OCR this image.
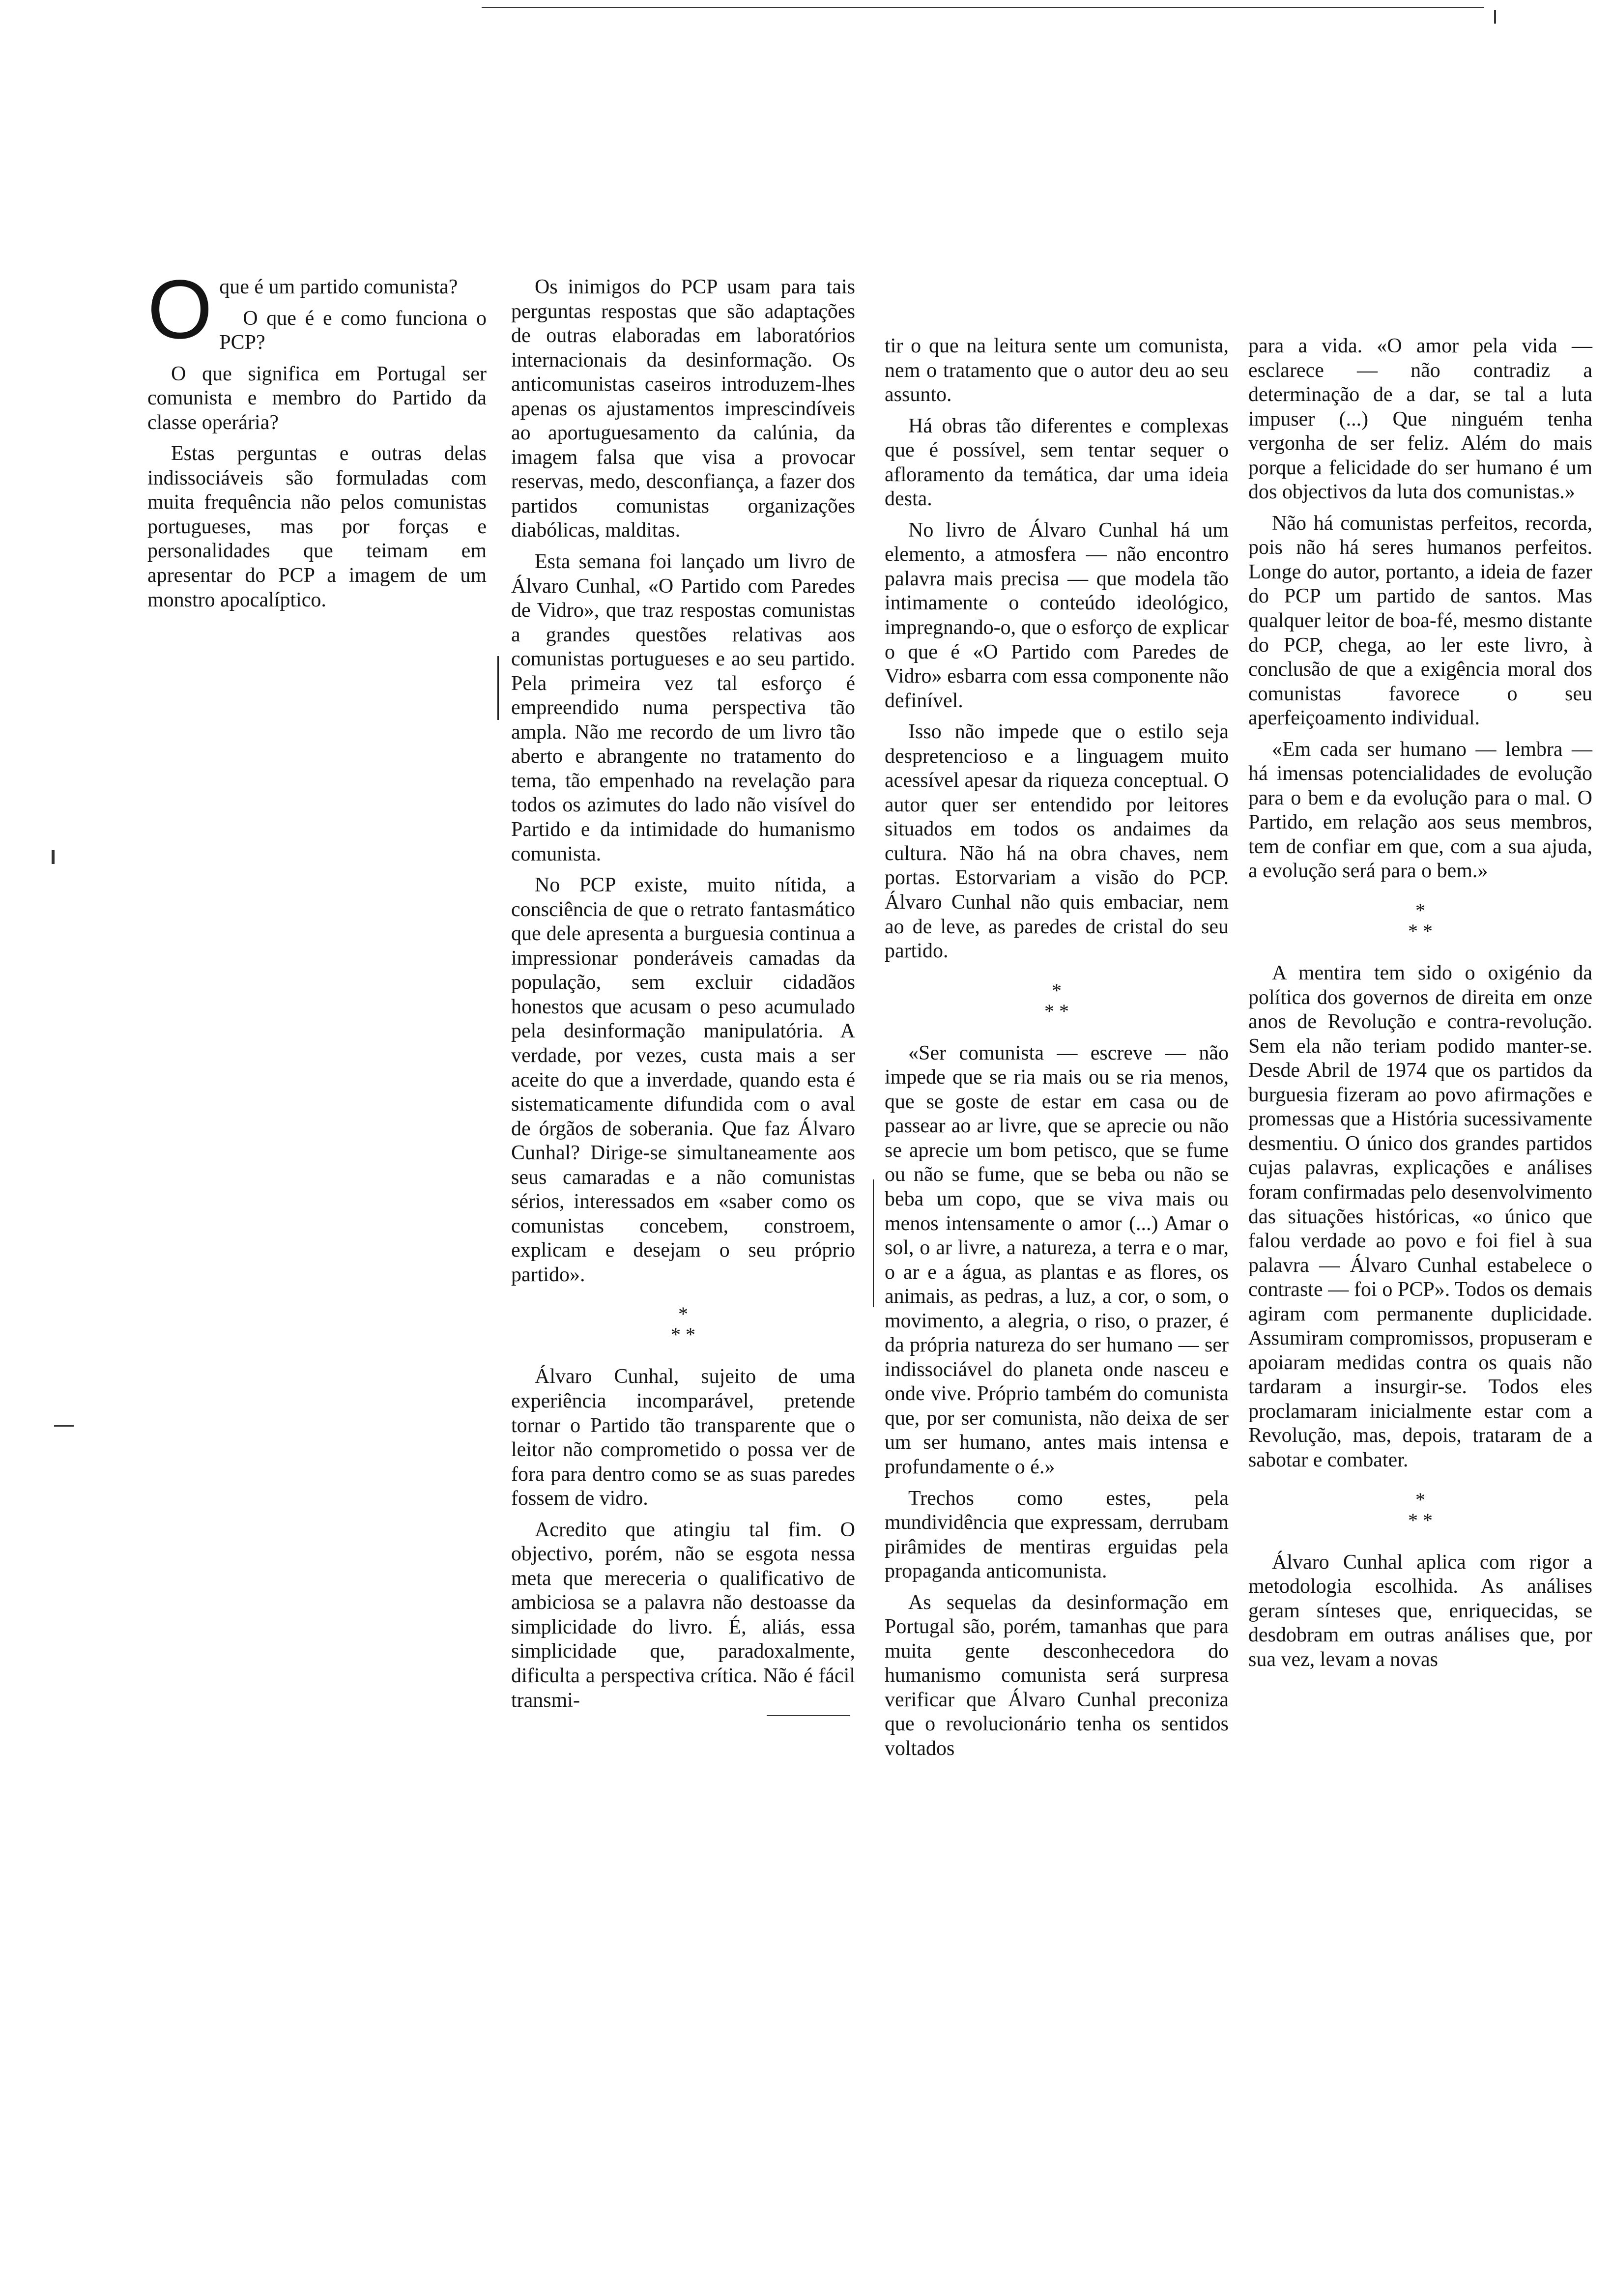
Oque é um partido comunista?

O que é e como funciona o PCP?

O que significa em Portugal ser comunista e membro do Partido da classe operária?

Estas perguntas e outras delas indissociáveis são formuladas com muita frequência não pelos comunistas portugueses, mas por forças e personalidades que teimam em apresentar do PCP a imagem de um monstro apocalíptico.

Os inimigos do PCP usam para tais perguntas respostas que são adaptações de outras elaboradas em laboratórios internacionais da desinformação. Os anticomunistas caseiros introduzem-lhes apenas os ajustamentos imprescindíveis ao aportuguesamento da calúnia, da imagem falsa que visa a provocar reservas, medo, desconfiança, a fazer dos partidos comunistas organizações diabólicas, malditas.

Esta semana foi lançado um livro de Álvaro Cunhal, «O Partido com Paredes de Vidro», que traz respostas comunistas a grandes questões relativas aos comunistas portugueses e ao seu partido. Pela primeira vez tal esforço é empreendido numa perspectiva tão ampla. Não me recordo de um livro tão aberto e abrangente no tratamento do tema, tão empenhado na revelação para todos os azimutes do lado não visível do Partido e da intimidade do humanismo comunista.

No PCP existe, muito nítida, a consciência de que o retrato fantasmático que dele apresenta a burguesia continua a impressionar ponderáveis camadas da população, sem excluir cidadãos honestos que acusam o peso acumulado pela desinformação manipulatória. A verdade, por vezes, custa mais a ser aceite do que a inverdade, quando esta é sistematicamente difundida com o aval de órgãos de soberania. Que faz Álvaro Cunhal? Dirige-se simultaneamente aos seus camaradas e a não comunistas sérios, interessados em «saber como os comunistas concebem, constroem, explicam e desejam o seu próprio partido».

*
* *

Álvaro Cunhal, sujeito de uma experiência incomparável, pretende tornar o Partido tão transparente que o leitor não comprometido o possa ver de fora para dentro como se as suas paredes fossem de vidro.

Acredito que atingiu tal fim. O objectivo, porém, não se esgota nessa meta que mereceria o qualificativo de ambiciosa se a palavra não destoasse da simplicidade do livro. É, aliás, essa simplicidade que, paradoxalmente, dificulta a perspectiva crítica. Não é fácil transmi-

tir o que na leitura sente um comunista, nem o tratamento que o autor deu ao seu assunto.

Há obras tão diferentes e complexas que é possível, sem tentar sequer o afloramento da temática, dar uma ideia desta.

No livro de Álvaro Cunhal há um elemento, a atmosfera — não encontro palavra mais precisa — que modela tão intimamente o conteúdo ideológico, impregnando-o, que o esforço de explicar o que é «O Partido com Paredes de Vidro» esbarra com essa componente não definível.

Isso não impede que o estilo seja despretencioso e a linguagem muito acessível apesar da riqueza conceptual. O autor quer ser entendido por leitores situados em todos os andaimes da cultura. Não há na obra chaves, nem portas. Estorvariam a visão do PCP. Álvaro Cunhal não quis embaciar, nem ao de leve, as paredes de cristal do seu partido.

*
* *

«Ser comunista — escreve — não impede que se ria mais ou se ria menos, que se goste de estar em casa ou de passear ao ar livre, que se aprecie ou não se aprecie um bom petisco, que se fume ou não se fume, que se beba ou não se beba um copo, que se viva mais ou menos intensamente o amor (...) Amar o sol, o ar livre, a natureza, a terra e o mar, o ar e a água, as plantas e as flores, os animais, as pedras, a luz, a cor, o som, o movimento, a alegria, o riso, o prazer, é da própria natureza do ser humano — ser indissociável do planeta onde nasceu e onde vive. Próprio também do comunista que, por ser comunista, não deixa de ser um ser humano, antes mais intensa e profundamente o é.»

Trechos como estes, pela mundividência que expressam, derrubam pirâmides de mentiras erguidas pela propaganda anticomunista.

As sequelas da desinformação em Portugal são, porém, tamanhas que para muita gente desconhecedora do humanismo comunista será surpresa verificar que Álvaro Cunhal preconiza que o revolucionário tenha os sentidos voltados

para a vida. «O amor pela vida — esclarece — não contradiz a determinação de a dar, se tal a luta impuser (...) Que ninguém tenha vergonha de ser feliz. Além do mais porque a felicidade do ser humano é um dos objectivos da luta dos comunistas.»

Não há comunistas perfeitos, recorda, pois não há seres humanos perfeitos. Longe do autor, portanto, a ideia de fazer do PCP um partido de santos. Mas qualquer leitor de boa-fé, mesmo distante do PCP, chega, ao ler este livro, à conclusão de que a exigência moral dos comunistas favorece o seu aperfeiçoamento individual.

«Em cada ser humano — lembra — há imensas potencialidades de evolução para o bem e da evolução para o mal. O Partido, em relação aos seus membros, tem de confiar em que, com a sua ajuda, a evolução será para o bem.»

*
* *

A mentira tem sido o oxigénio da política dos governos de direita em onze anos de Revolução e contra-revolução. Sem ela não teriam podido manter-se. Desde Abril de 1974 que os partidos da burguesia fizeram ao povo afirmações e promessas que a História sucessivamente desmentiu. O único dos grandes partidos cujas palavras, explicações e análises foram confirmadas pelo desenvolvimento das situações históricas, «o único que falou verdade ao povo e foi fiel à sua palavra — Álvaro Cunhal estabelece o contraste — foi o PCP». Todos os demais agiram com permanente duplicidade. Assumiram compromissos, propuseram e apoiaram medidas contra os quais não tardaram a insurgir-se. Todos eles proclamaram inicialmente estar com a Revolução, mas, depois, trataram de a sabotar e combater.

*
* *

Álvaro Cunhal aplica com rigor a metodologia escolhida. As análises geram sínteses que, enriquecidas, se desdobram em outras análises que, por sua vez, levam a novas
